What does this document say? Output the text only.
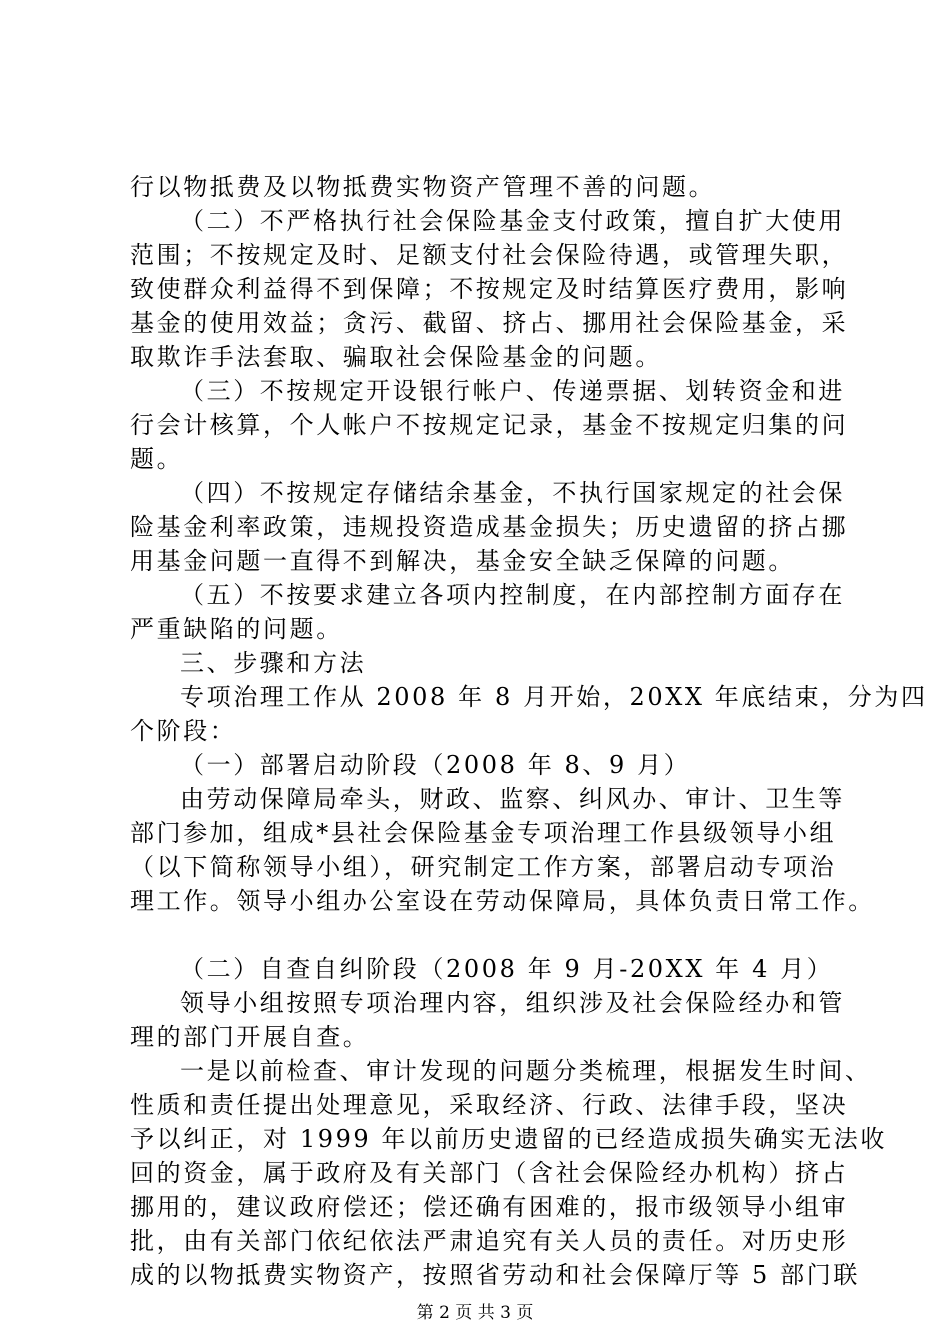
行以物抵费及以物抵费实物资产管理不善的问题。
（二）不严格执行社会保险基金支付政策，擅自扩大使用
范围；不按规定及时、足额支付社会保险待遇，或管理失职，
致使群众利益得不到保障；不按规定及时结算医疗费用，影响
基金的使用效益；贪污、截留、挤占、挪用社会保险基金，采
取欺诈手法套取、骗取社会保险基金的问题。
（三）不按规定开设银行帐户、传递票据、划转资金和进
行会计核算，个人帐户不按规定记录，基金不按规定归集的问
题。
（四）不按规定存储结余基金，不执行国家规定的社会保
险基金利率政策，违规投资造成基金损失；历史遗留的挤占挪
用基金问题一直得不到解决，基金安全缺乏保障的问题。
（五）不按要求建立各项内控制度，在内部控制方面存在
严重缺陷的问题。
三、步骤和方法
专项治理工作从 2008 年 8 月开始，20XX 年底结束，分为四
个阶段：
（一）部署启动阶段（2008 年 8、9 月）
由劳动保障局牵头，财政、监察、纠风办、审计、卫生等
部门参加，组成*县社会保险基金专项治理工作县级领导小组
（以下简称领导小组），研究制定工作方案，部署启动专项治
理工作。领导小组办公室设在劳动保障局，具体负责日常工作。
（二）自查自纠阶段（2008 年 9 月-20XX 年 4 月）
领导小组按照专项治理内容，组织涉及社会保险经办和管
理的部门开展自查。
一是以前检查、审计发现的问题分类梳理，根据发生时间、
性质和责任提出处理意见，采取经济、行政、法律手段，坚决
予以纠正，对 1999 年以前历史遗留的已经造成损失确实无法收
回的资金，属于政府及有关部门（含社会保险经办机构）挤占
挪用的，建议政府偿还；偿还确有困难的，报市级领导小组审
批，由有关部门依纪依法严肃追究有关人员的责任。对历史形
成的以物抵费实物资产，按照省劳动和社会保障厅等 5 部门联
第 2 页 共 3 页
